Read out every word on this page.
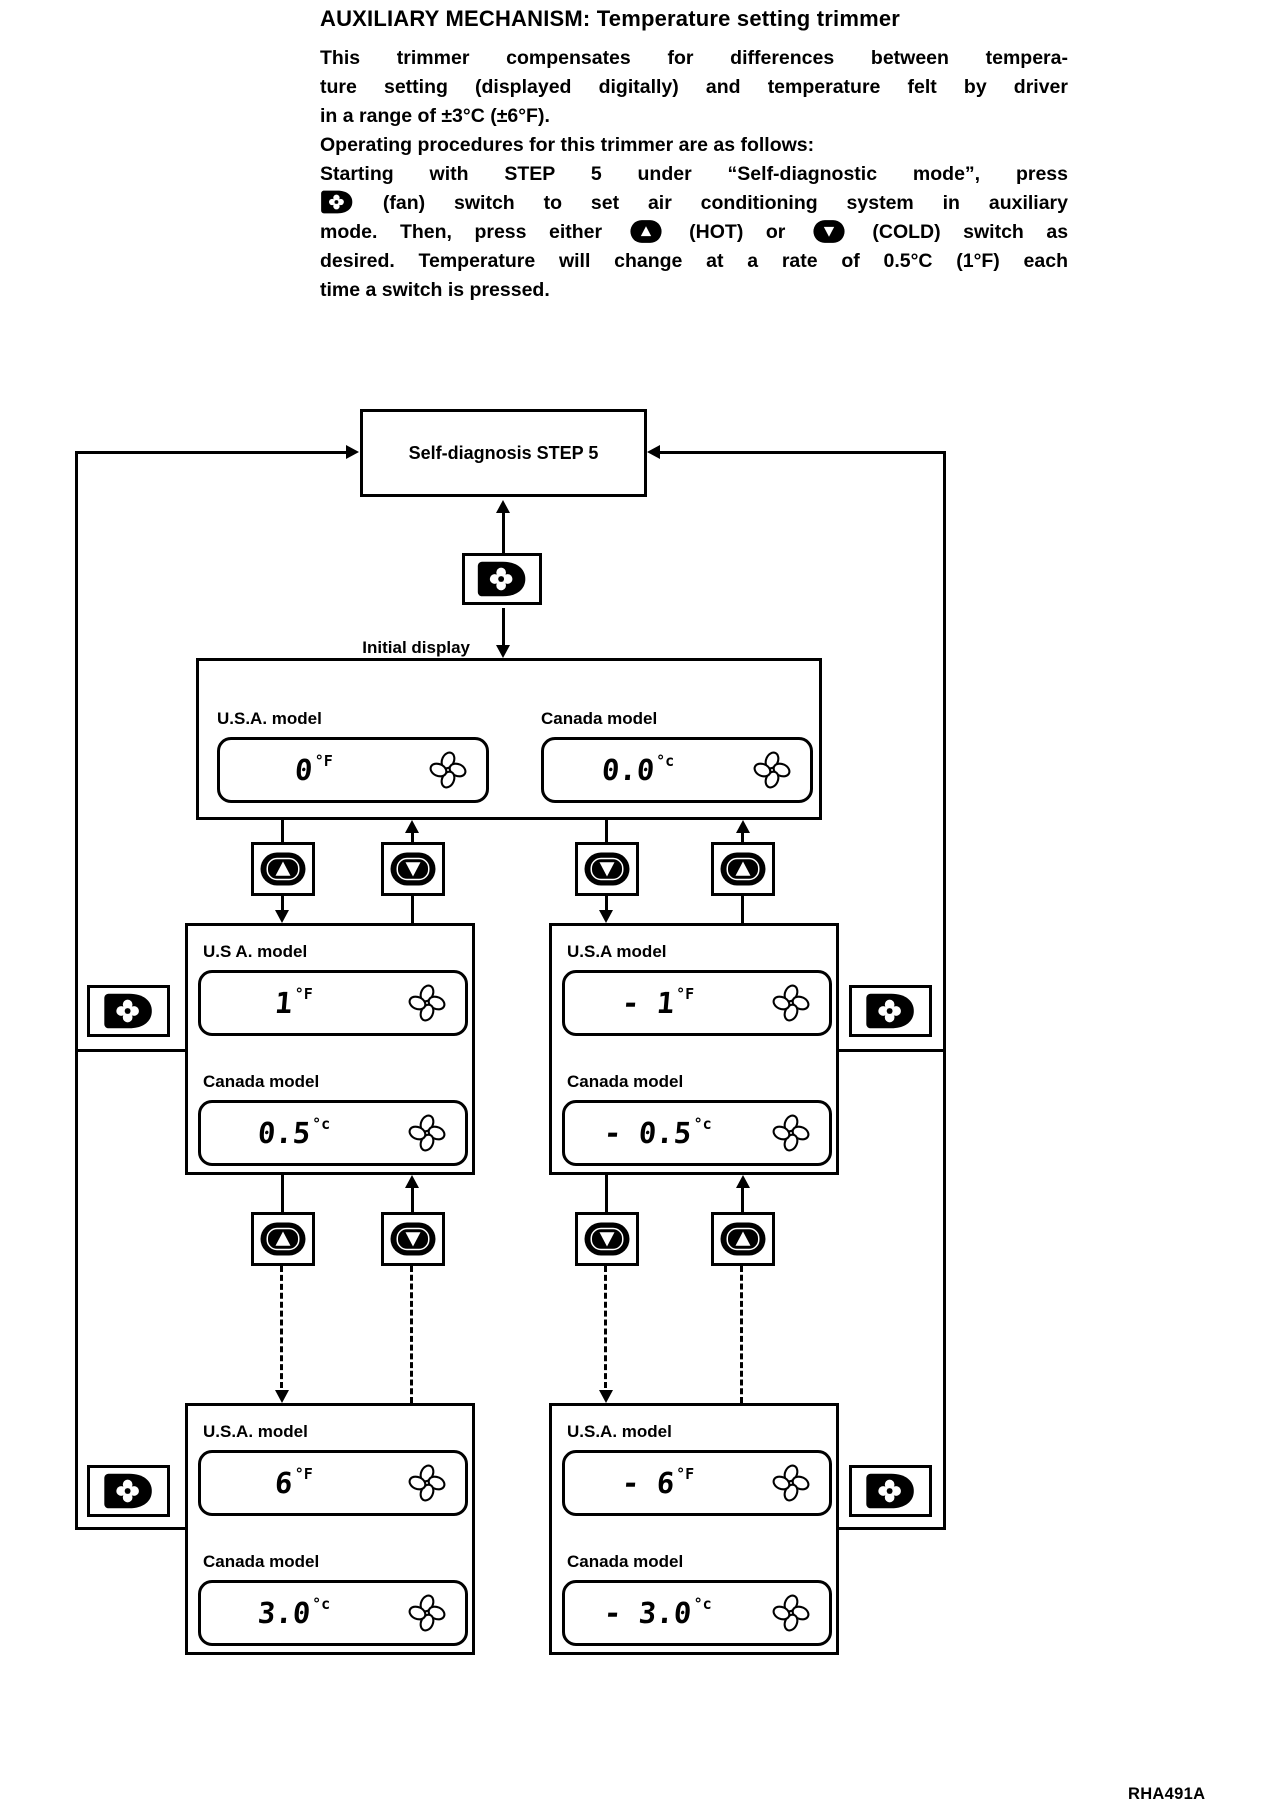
AUXILIARY MECHANISM: Temperature setting trimmer
This trimmer compensates for differences between tempera-
ture setting (displayed digitally) and temperature felt by driver
in a range of ±3°C (±6°F).
Operating procedures for this trimmer are as follows:
Starting with STEP 5 under “Self-diagnostic mode”, press
(fan) switch to set air conditioning system in auxiliary
mode. Then, press either	(HOT) or	(COLD) switch as
desired. Temperature will change at a rate of 0.5°C (1°F) each
time a switch is pressed.
Self-diagnosis STEP 5
Initial display
U.S.A. model
0 °F
Canada model
0.0 °c
U.S A. model
1 °F
Canada model
0.5 °c
U.S.A model
- 1 °F
Canada model
- 0.5 °c
U.S.A. model
6 °F
Canada model
3.0 °c
U.S.A. model
- 6 °F
Canada model
- 3.0 °c
RHA491A
